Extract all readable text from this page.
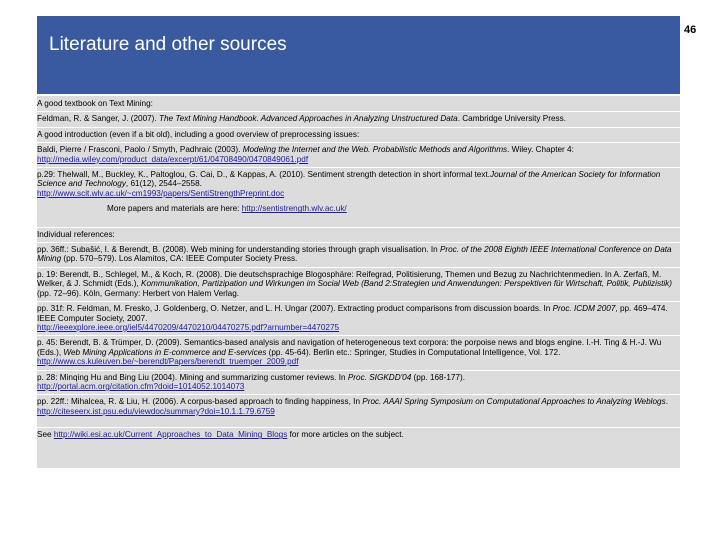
Literature and other sources
46

A good textbook on Text Mining:

Feldman, R. & Sanger, J. (2007). The Text Mining Handbook. Advanced Approaches in Analyzing Unstructured Data. Cambridge University Press.

A good introduction (even if a bit old), including a good overview of preprocessing issues:

Baldi, Pierre / Frasconi, Paolo / Smyth, Padhraic (2003). Modeling the Internet and the Web. Probabilistic Methods and Algorithms. Wiley. Chapter 4: http://media.wiley.com/product_data/excerpt/61/04708490/0470849061.pdf

p.29: Thelwall, M., Buckley, K., Paltoglou, G. Cai, D., & Kappas, A. (2010). Sentiment strength detection in short informal text.Journal of the American Society for Information Science and Technology, 61(12), 2544–2558.
http://www.scit.wlv.ac.uk/~cm1993/papers/SentiStrengthPreprint.doc

More papers and materials are here: http://sentistrength.wlv.ac.uk/

Individual references:

pp. 36ff.: Subašić, I. & Berendt, B. (2008). Web mining for understanding stories through graph visualisation. In Proc. of the 2008 Eighth IEEE International Conference on Data Mining (pp. 570–579). Los Alamitos, CA: IEEE Computer Society Press.

p. 19: Berendt, B., Schlegel, M., & Koch, R. (2008). Die deutschsprachige Blogosphäre: Reifegrad, Politisierung, Themen und Bezug zu Nachrichtenmedien. In A. Zerfaß, M. Welker, & J. Schmidt (Eds.), Kommunikation, Partizipation und Wirkungen im Social Web (Band 2:Strategien und Anwendungen: Perspektiven für Wirtschaft, Politik, Publizistik) (pp. 72–96). Köln, Germany: Herbert von Halem Verlag.

pp. 31f: R. Feldman, M. Fresko, J. Goldenberg, O. Netzer, and L. H. Ungar (2007). Extracting product comparisons from discussion boards. In Proc. ICDM 2007, pp. 469–474. IEEE Computer Society, 2007.
http://ieeexplore.ieee.org/iel5/4470209/4470210/04470275.pdf?arnumber=4470275

p. 45: Berendt, B. & Trümper, D. (2009). Semantics-based analysis and navigation of heterogeneous text corpora: the porpoise news and blogs engine. I.-H. Ting & H.-J. Wu (Eds.), Web Mining Applications in E-commerce and E-services (pp. 45-64). Berlin etc.: Springer, Studies in Computational Intelligence, Vol. 172. http://www.cs.kuleuven.be/~berendt/Papers/berendt_truemper_2009.pdf

p. 28: Minqing Hu and Bing Liu (2004). Mining and summarizing customer reviews. In Proc. SIGKDD'04 (pp. 168-177).
http://portal.acm.org/citation.cfm?doid=1014052.1014073

pp. 22ff.: Mihalcea, R. & Liu, H. (2006). A corpus-based approach to finding happiness, In Proc. AAAI Spring Symposium on Computational Approaches to Analyzing Weblogs. http://citeseerx.ist.psu.edu/viewdoc/summary?doi=10.1.1.79.6759

See http://wiki.esi.ac.uk/Current_Approaches_to_Data_Mining_Blogs for more articles on the subject.
